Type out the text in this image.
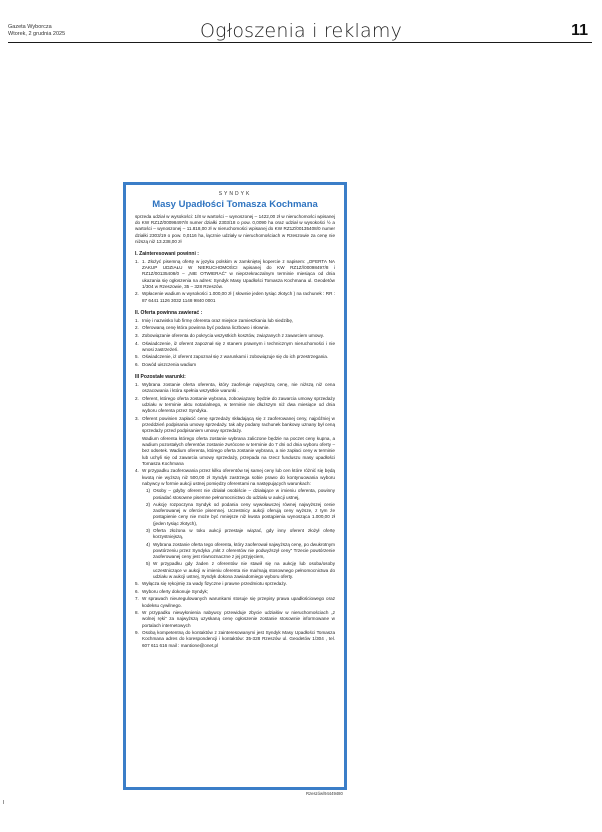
Gazeta Wyborcza
Wtorek, 2 grudnia 2025	Ogłoszenia i reklamy	11
SYNDYK
Masy Upadłości Tomasza Kochmana

sprzeda udział w wysokości: 1/8 w wartości – wynoszonej – 1422,00 zł w nieruchomości wpisanej do KW RZ1Z/00098497/8 numer działki 2303/18 o pow. 0,0090 ha oraz udział w wysokości ½ a wartości – wynoszonej – 11.818,00 zł w nieruchomości wpisanej do KW RZ1Z/00135408/0 numer działki 2303/19 o pow. 0,0116 ha, łącznie udziały w nieruchomościach w Rzeszowie za cenę nie niższą niż 13.238,00 zł

I. Zainteresowani powinni :
1. 1. Złożyć pisemną ofertę w języku polskim w zamkniętej kopercie z napisem: „OFERTA NA ZAKUP UDZIAŁU W NIERUCHOMOŚCI wpisanej do KW RZ1Z//00098497/8 i RZ1Z/00135408/0 – „NIE OTWIERAĆ” w nieprzekraczalnym terminie miesiąca od dnia ukazania się ogłoszenia na adres: Syndyk Masy Upadłości Tomasza Kochmana ul. Geodetów 1/304 w Rzeszowie, 35 – 328 Rzeszów.
2. Wpłacenie wadium w wysokości 1.000,00 zł ( słownie jeden tysiąc złotych ) na rachunek : RR : 87 6441 1126 3032 1148 9840 0001
II. Oferta powinna zawierać :
1. Imię i nazwisko lub firmę oferenta oraz miejsce zamieszkania lub siedzibę,
2. Oferowaną cenę która powinna być podana liczbowo i słownie.
3. Zobowiązanie oferenta do pokrycia wszystkich kosztów, związanych z zawarciem umowy.
4. Oświadczenie, iż oferent zapoznał się z stanem prawnym i technicznym nieruchomości i nie wnosi zastrzeżeń.
5. Oświadczenie, iż oferent zapoznał się z warunkami i zobowiązuje się do ich przestrzegania.
6. Dowód uiszczenia wadium
III Pozostałe warunki:
1. Wybrana zostanie oferta oferenta, który zaoferuje najwyższą cenę, nie niższą niż cena oszacowania i która spełnia wszystkie warunki .
2. Oferent, którego oferta zostanie wybrana, zobowiązany będzie do zawarcia umowy sprzedaży udziału w terminie aktu notarialnego, w terminie nie dłuższym niż dwa miesiące od dnia wyboru oferenta przez Syndyka.
3. Oferent powinien zapłacić cenę sprzedaży składającą się z zaoferowanej ceny, najpóźniej w przeddzień podpisania umowy sprzedaży. tak aby podany rachunek bankowy uznany był ceną sprzedaży przed podpisaniem umowy sprzedaży.
Wadium oferenta którego oferta zostanie wybrana zaliczone będzie na poczet ceny kupna, a wadium pozostałych oferentów zostanie zwrócone w terminie do 7 dni od dnia wyboru oferty – bez odsetek. Wadium oferenta, którego oferta zostanie wybrana, a nie zapłaci ceny w terminie lub uchyli się od zawarcia umowy sprzedaży, przepada na rzecz funduszu masy upadłości Tomasza Kochmana
4. W przypadku zaoferowania przez kilku oferentów tej samej ceny lub cen które różnić się będą kwotą nie wyższą niż 500,00 zł Syndyk zastrzega sobie prawo do kontynuowania wyboru nabywcy w formie aukcji ustnej pomiędzy oferentami na następujących warunkach:
1) Osoby – gdyby oferent nie działał osobiście – działające w imieniu oferenta, powinny posiadać stosowne pisemne pełnomocnictwo do udziału w aukcji ustnej,
2) Aukcję rozpoczyna Syndyk od podania ceny wywoławczej równej najwyższej cenie zaoferowanej w ofercie pisemnej. Uczestnicy aukcji oferują ceny wyższe, z tym że postąpienie ceny nie może być mniejsze niż kwota postąpienia wynosząca 1.000,00 zł (jeden tysiąc złotych),
3) Oferta złożona w toku aukcji przestaje wiązać, gdy inny oferent złożył ofertę korzystniejszą,
4) Wybrana zostanie oferta tego oferenta, który zaoferował najwyższą cenę, po dwukrotnym powtórzeniu przez Syndyka „mkt z oferentów nie podwyższył ceny” Trzecie powtórzenie zaoferowanej ceny jest równoznaczne z jej przyjęciem,
5) W przypadku gdy żaden z oferentów nie stawił się na aukcję lub osoba/osoby uczestniczące w aukcji w imieniu oferenta nie ma/mają stosownego pełnomocnictwa do udziału w aukcji ustnej, Syndyk dokona zawiadomiego wyboru oferty.
5. Wyłącza się rękojmię za wady fizyczne i prawne przedmiotu sprzedaży.
6. Wyboru oferty dokonuje Syndyk;
7. W sprawach nieuregulowanych warunkami stosuje się przepisy prawa upadłościowego oraz kodeksu cywilnego.
8. W przypadku niewyłonienia nabywcy przewiduje zbycie udziałów w nieruchomościach „z wolnej ręki” za najwyższą uzyskaną cenę ogłoszenie zostanie stosownie informowane w portalach internetowych
9. Osobą kompetentną do kontaktów z zainteresowanymi jest Syndyk Masy Upadłości Tomasza Kochmana adres do korespondencji i kontaktów: 35-328 Rzeszów ul. Geodetów 1/304 , tel. 607 611 616 mail : mantione@onet.pl
Rzeszów/94449480
